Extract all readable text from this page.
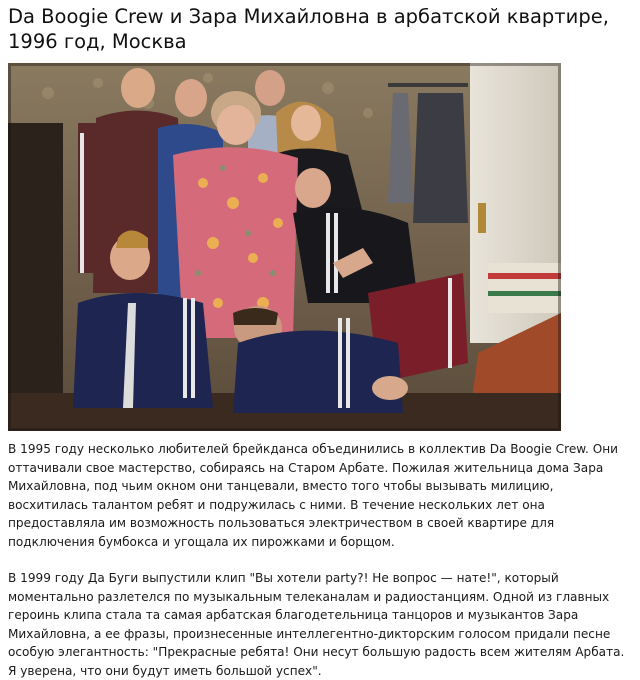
Da Boogie Crew и Зара Михайловна в арбатской квартире, 1996 год, Москва

В 1995 году несколько любителей брейкданса объединились в коллектив Da Boogie Crew. Они оттачивали свое мастерство, собираясь на Старом Арбате. Пожилая жительница дома Зара Михайловна, под чьим окном они танцевали, вместо того чтобы вызывать милицию, восхитилась талантом ребят и подружилась с ними. В течение нескольких лет она предоставляла им возможность пользоваться электричеством в своей квартире для подключения бумбокса и угощала их пирожками и борщом.

В 1999 году Да Буги выпустили клип "Вы хотели party?! Не вопрос — нате!", который моментально разлетелся по музыкальным телеканалам и радиостанциям. Одной из главных героинь клипа стала та самая арбатская благодетельница танцоров и музыкантов Зара Михайловна, а ее фразы, произнесенные интеллегентно-дикторским голосом придали песне особую элегантность: "Прекрасные ребята! Они несут большую радость всем жителям Арбата. Я уверена, что они будут иметь большой успех".
